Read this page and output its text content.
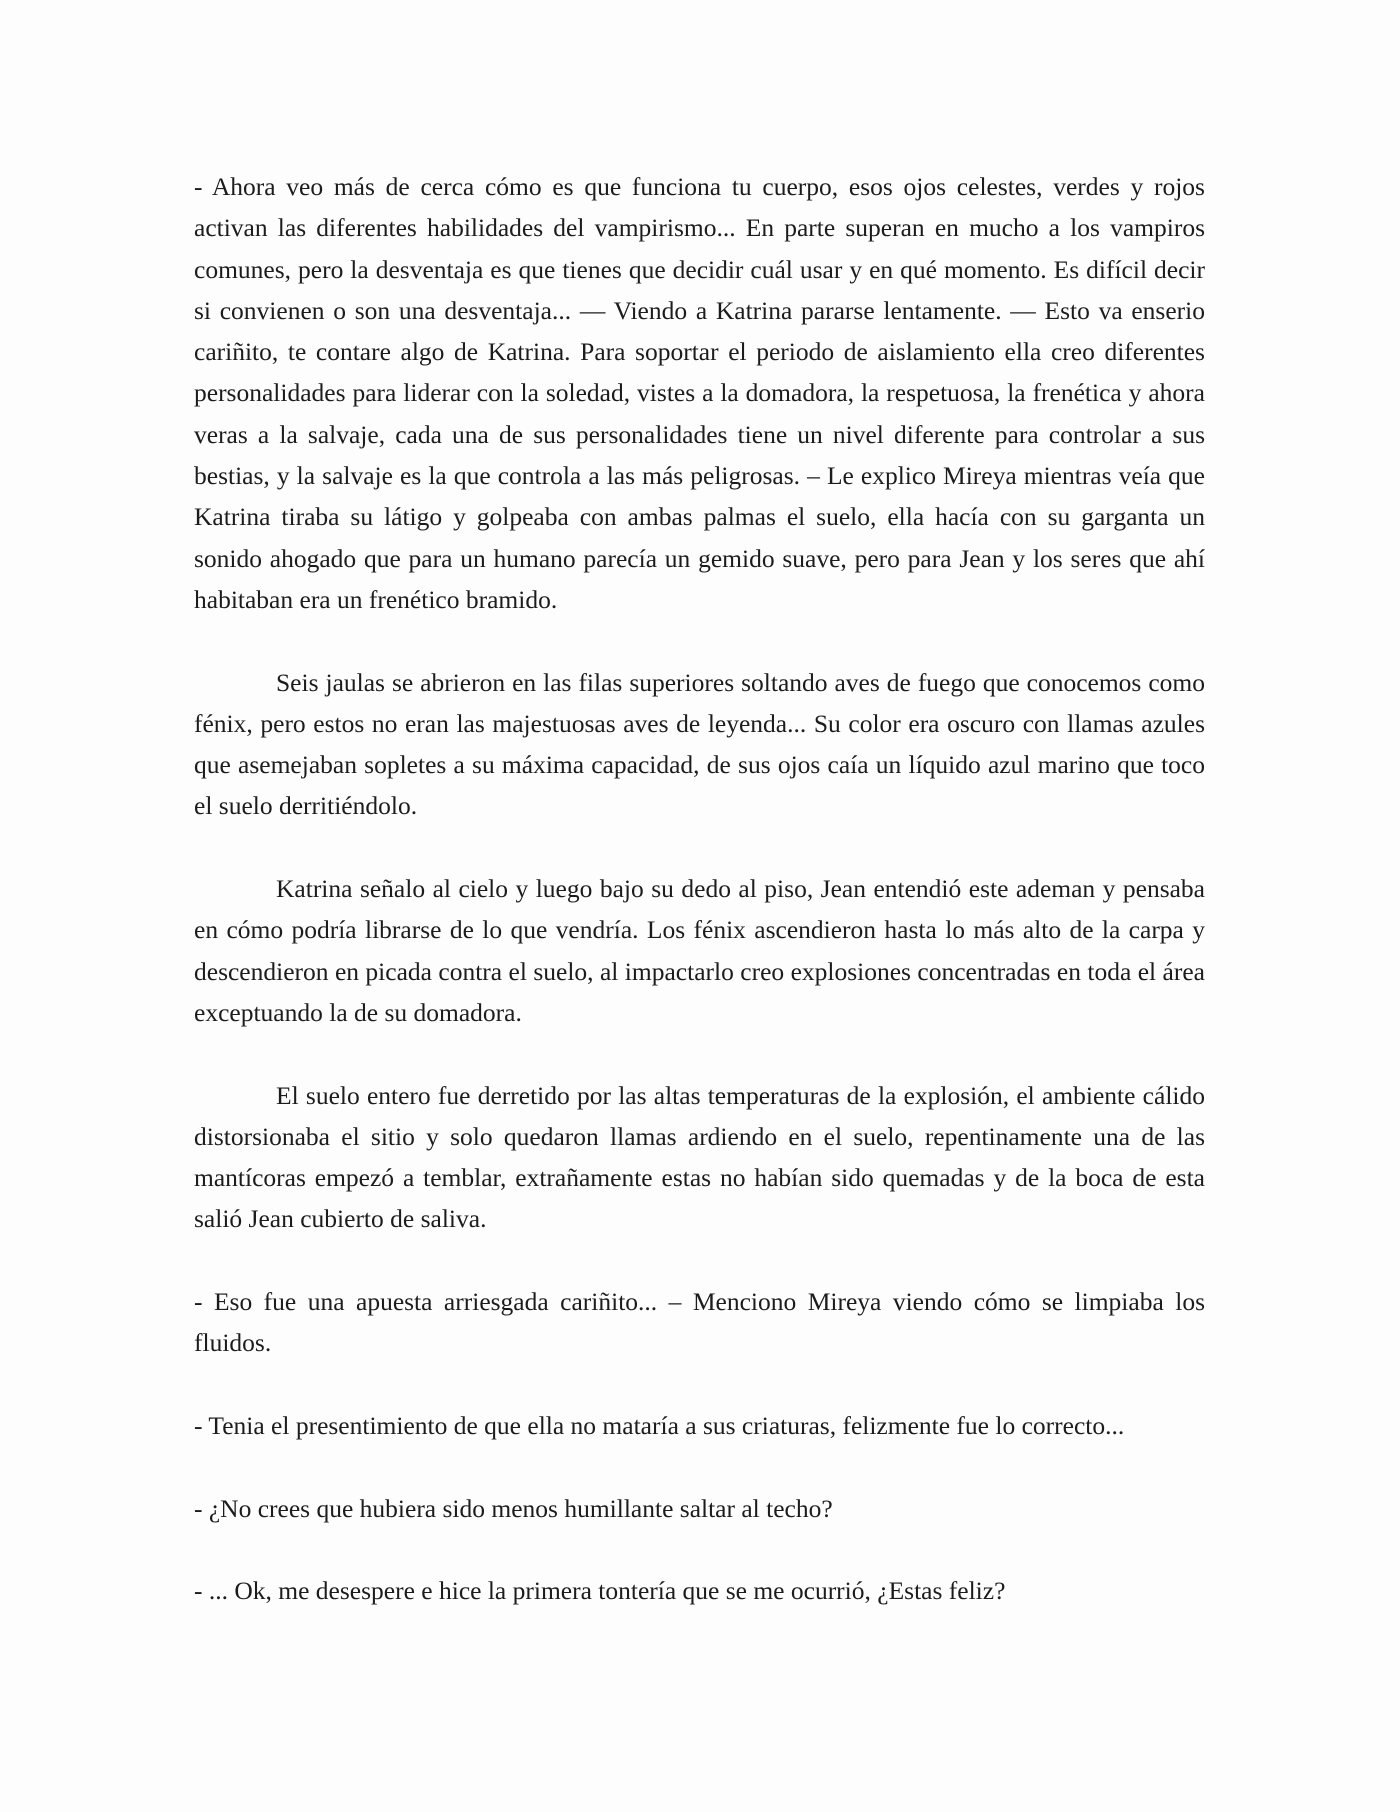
- Ahora veo más de cerca cómo es que funciona tu cuerpo, esos ojos celestes, verdes y rojos activan las diferentes habilidades del vampirismo... En parte superan en mucho a los vampiros comunes, pero la desventaja es que tienes que decidir cuál usar y en qué momento. Es difícil decir si convienen o son una desventaja... — Viendo a Katrina pararse lentamente. — Esto va enserio cariñito, te contare algo de Katrina. Para soportar el periodo de aislamiento ella creo diferentes personalidades para liderar con la soledad, vistes a la domadora, la respetuosa, la frenética y ahora veras a la salvaje, cada una de sus personalidades tiene un nivel diferente para controlar a sus bestias, y la salvaje es la que controla a las más peligrosas. – Le explico Mireya mientras veía que Katrina tiraba su látigo y golpeaba con ambas palmas el suelo, ella hacía con su garganta un sonido ahogado que para un humano parecía un gemido suave, pero para Jean y los seres que ahí habitaban era un frenético bramido.

Seis jaulas se abrieron en las filas superiores soltando aves de fuego que conocemos como fénix, pero estos no eran las majestuosas aves de leyenda... Su color era oscuro con llamas azules que asemejaban sopletes a su máxima capacidad, de sus ojos caía un líquido azul marino que toco el suelo derritiéndolo.

Katrina señalo al cielo y luego bajo su dedo al piso, Jean entendió este ademan y pensaba en cómo podría librarse de lo que vendría. Los fénix ascendieron hasta lo más alto de la carpa y descendieron en picada contra el suelo, al impactarlo creo explosiones concentradas en toda el área exceptuando la de su domadora.

El suelo entero fue derretido por las altas temperaturas de la explosión, el ambiente cálido distorsionaba el sitio y solo quedaron llamas ardiendo en el suelo, repentinamente una de las mantícoras empezó a temblar, extrañamente estas no habían sido quemadas y de la boca de esta salió Jean cubierto de saliva.

- Eso fue una apuesta arriesgada cariñito... – Menciono Mireya viendo cómo se limpiaba los fluidos.

- Tenia el presentimiento de que ella no mataría a sus criaturas, felizmente fue lo correcto...

- ¿No crees que hubiera sido menos humillante saltar al techo?

- ... Ok, me desespere e hice la primera tontería que se me ocurrió, ¿Estas feliz?
